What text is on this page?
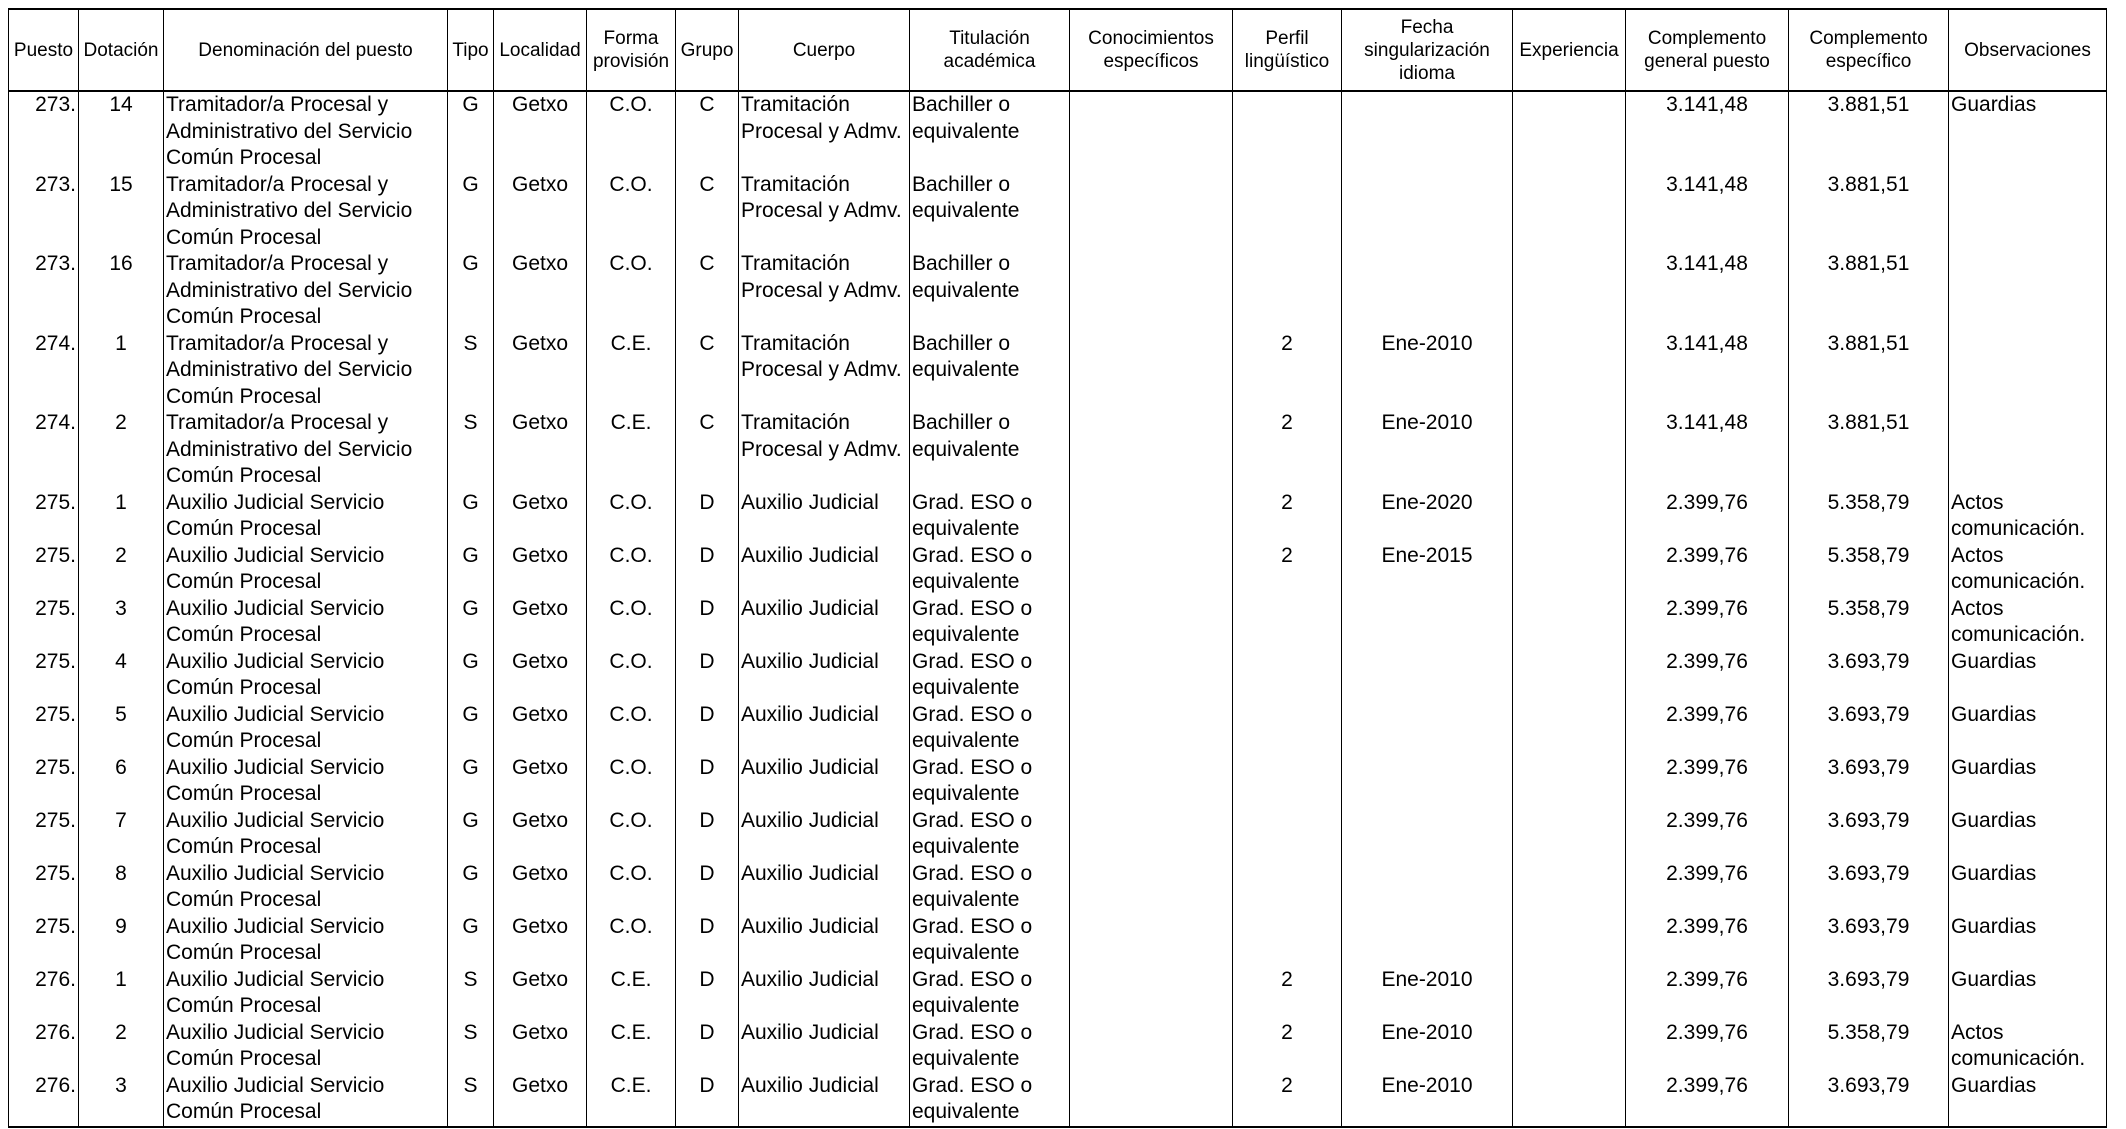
Puesto	Dotación	Denominación del puesto	Tipo	Localidad	Forma provisión	Grupo	Cuerpo	Titulación académica	Conocimientos específicos	Perfil lingüístico	Fecha singularización idioma	Experiencia	Complemento general puesto	Complemento específico	Observaciones
273.	14	Tramitador/a Procesal y Administrativo del Servicio Común Procesal	G	Getxo	C.O.	C	Tramitación Procesal y Admv.	Bachiller o equivalente					3.141,48	3.881,51	Guardias
273.	15	Tramitador/a Procesal y Administrativo del Servicio Común Procesal	G	Getxo	C.O.	C	Tramitación Procesal y Admv.	Bachiller o equivalente					3.141,48	3.881,51	
273.	16	Tramitador/a Procesal y Administrativo del Servicio Común Procesal	G	Getxo	C.O.	C	Tramitación Procesal y Admv.	Bachiller o equivalente					3.141,48	3.881,51	
274.	1	Tramitador/a Procesal y Administrativo del Servicio Común Procesal	S	Getxo	C.E.	C	Tramitación Procesal y Admv.	Bachiller o equivalente		2	Ene-2010		3.141,48	3.881,51	
274.	2	Tramitador/a Procesal y Administrativo del Servicio Común Procesal	S	Getxo	C.E.	C	Tramitación Procesal y Admv.	Bachiller o equivalente		2	Ene-2010		3.141,48	3.881,51	
275.	1	Auxilio Judicial Servicio Común Procesal	G	Getxo	C.O.	D	Auxilio Judicial	Grad. ESO o equivalente		2	Ene-2020		2.399,76	5.358,79	Actos comunicación.
275.	2	Auxilio Judicial Servicio Común Procesal	G	Getxo	C.O.	D	Auxilio Judicial	Grad. ESO o equivalente		2	Ene-2015		2.399,76	5.358,79	Actos comunicación.
275.	3	Auxilio Judicial Servicio Común Procesal	G	Getxo	C.O.	D	Auxilio Judicial	Grad. ESO o equivalente					2.399,76	5.358,79	Actos comunicación.
275.	4	Auxilio Judicial Servicio Común Procesal	G	Getxo	C.O.	D	Auxilio Judicial	Grad. ESO o equivalente					2.399,76	3.693,79	Guardias
275.	5	Auxilio Judicial Servicio Común Procesal	G	Getxo	C.O.	D	Auxilio Judicial	Grad. ESO o equivalente					2.399,76	3.693,79	Guardias
275.	6	Auxilio Judicial Servicio Común Procesal	G	Getxo	C.O.	D	Auxilio Judicial	Grad. ESO o equivalente					2.399,76	3.693,79	Guardias
275.	7	Auxilio Judicial Servicio Común Procesal	G	Getxo	C.O.	D	Auxilio Judicial	Grad. ESO o equivalente					2.399,76	3.693,79	Guardias
275.	8	Auxilio Judicial Servicio Común Procesal	G	Getxo	C.O.	D	Auxilio Judicial	Grad. ESO o equivalente					2.399,76	3.693,79	Guardias
275.	9	Auxilio Judicial Servicio Común Procesal	G	Getxo	C.O.	D	Auxilio Judicial	Grad. ESO o equivalente					2.399,76	3.693,79	Guardias
276.	1	Auxilio Judicial Servicio Común Procesal	S	Getxo	C.E.	D	Auxilio Judicial	Grad. ESO o equivalente		2	Ene-2010		2.399,76	3.693,79	Guardias
276.	2	Auxilio Judicial Servicio Común Procesal	S	Getxo	C.E.	D	Auxilio Judicial	Grad. ESO o equivalente		2	Ene-2010		2.399,76	5.358,79	Actos comunicación.
276.	3	Auxilio Judicial Servicio Común Procesal	S	Getxo	C.E.	D	Auxilio Judicial	Grad. ESO o equivalente		2	Ene-2010		2.399,76	3.693,79	Guardias
